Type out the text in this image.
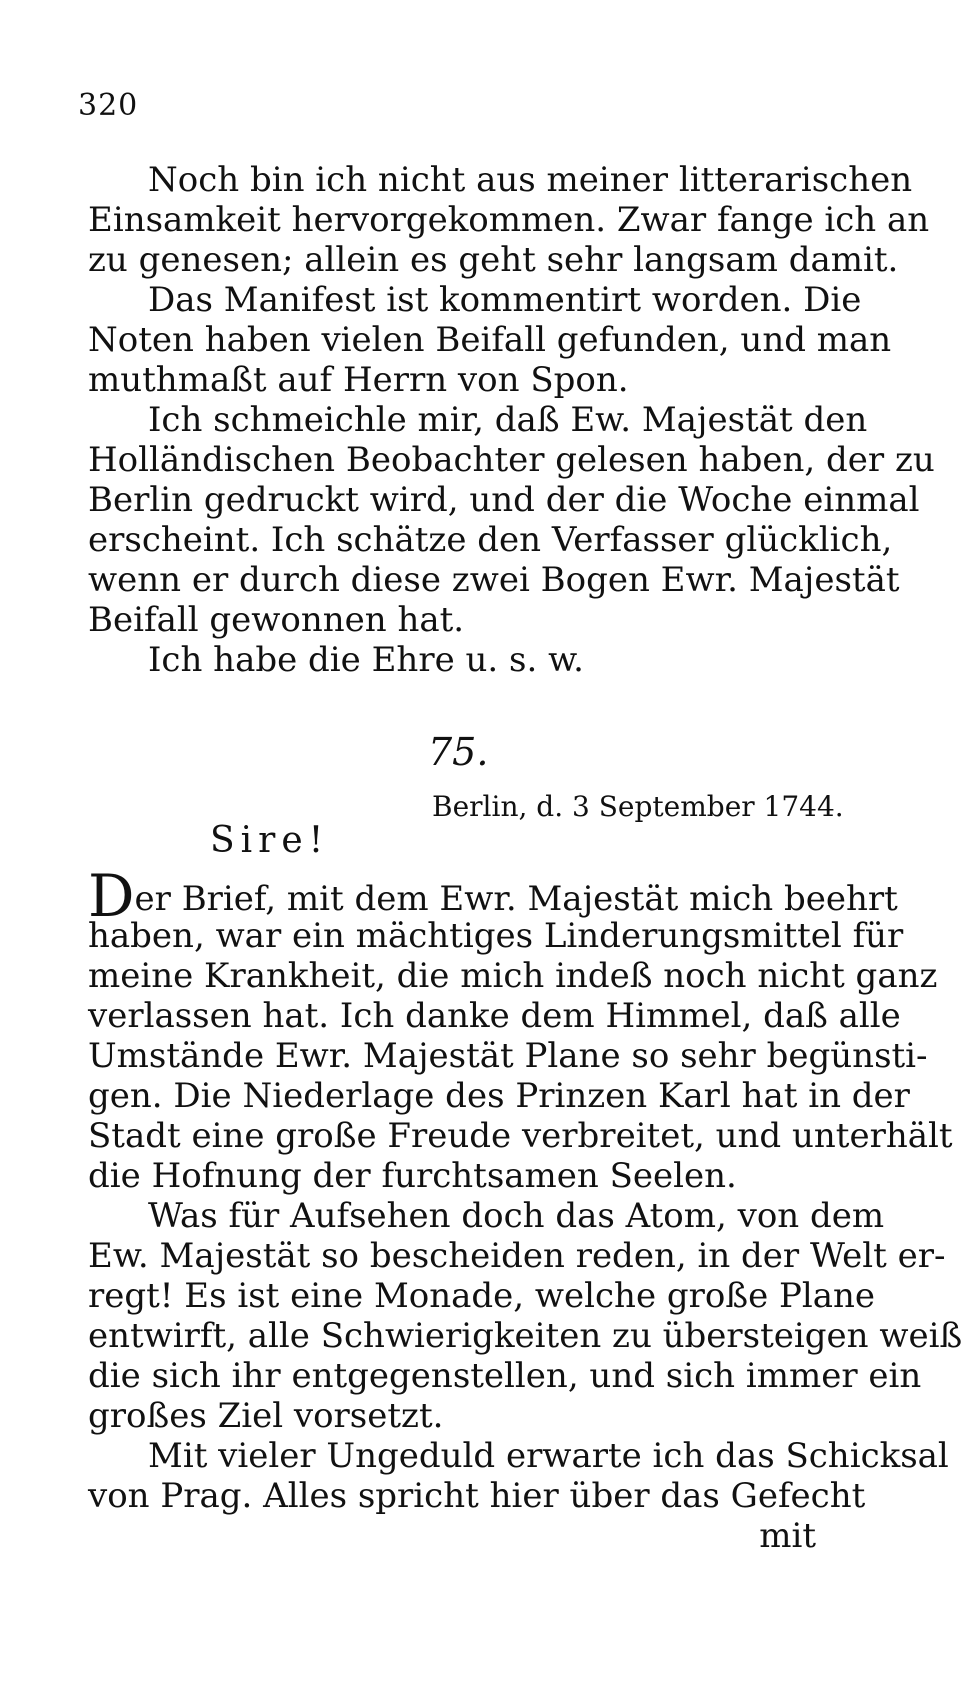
320
Noch bin ich nicht aus meiner litterarischen
Einsamkeit hervorgekommen. Zwar fange ich an
zu genesen; allein es geht sehr langsam damit.
Das Manifest ist kommentirt worden. Die
Noten haben vielen Beifall gefunden, und man
muthmaßt auf Herrn von Spon.
Ich schmeichle mir, daß Ew. Majestät den
Holländischen Beobachter gelesen haben, der zu
Berlin gedruckt wird, und der die Woche einmal
erscheint. Ich schätze den Verfasser glücklich,
wenn er durch diese zwei Bogen Ewr. Majestät
Beifall gewonnen hat.
Ich habe die Ehre u. s. w.
75.
Berlin, d. 3 September 1744.
Sire!
Der Brief, mit dem Ewr. Majestät mich beehrt
haben, war ein mächtiges Linderungsmittel für
meine Krankheit, die mich indeß noch nicht ganz
verlassen hat. Ich danke dem Himmel, daß alle
Umstände Ewr. Majestät Plane so sehr begünsti-
gen. Die Niederlage des Prinzen Karl hat in der
Stadt eine große Freude verbreitet, und unterhält
die Hofnung der furchtsamen Seelen.
Was für Aufsehen doch das Atom, von dem
Ew. Majestät so bescheiden reden, in der Welt er-
regt! Es ist eine Monade, welche große Plane
entwirft, alle Schwierigkeiten zu übersteigen weiß
die sich ihr entgegenstellen, und sich immer ein
großes Ziel vorsetzt.
Mit vieler Ungeduld erwarte ich das Schicksal
von Prag. Alles spricht hier über das Gefecht
mit
